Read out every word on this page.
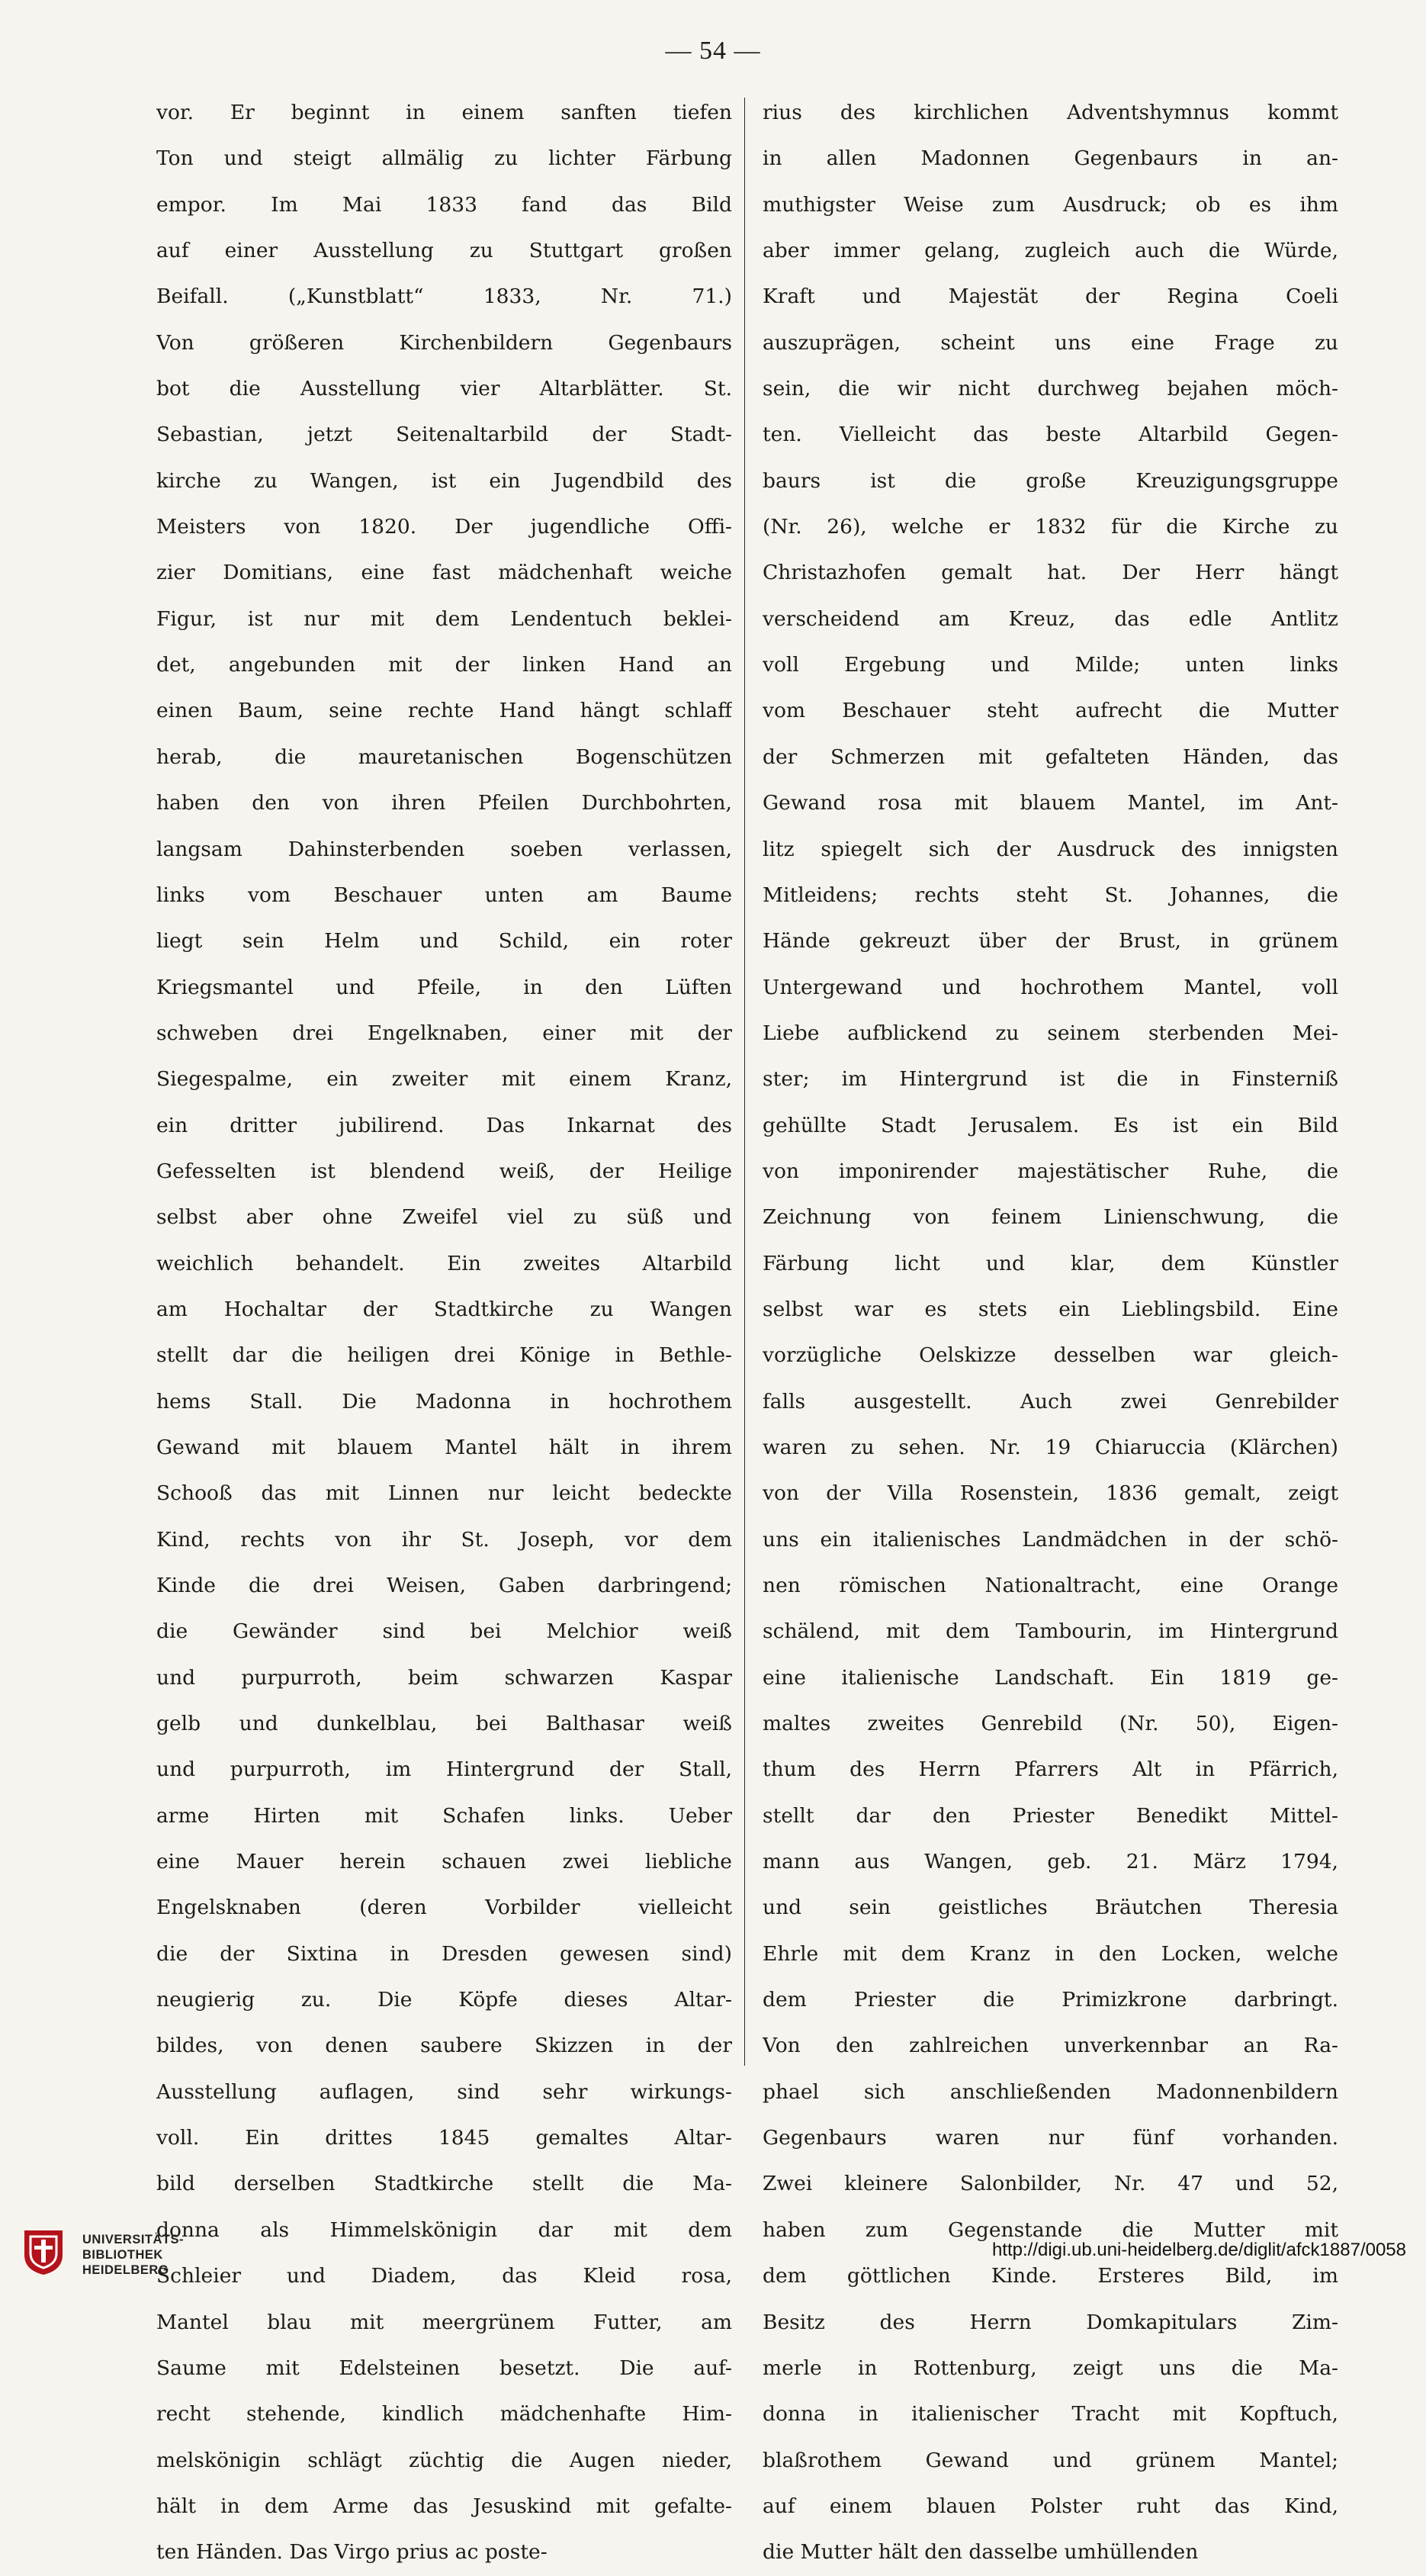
— 54 —
vor. Er beginnt in einem sanften tiefen
Ton und steigt allmälig zu lichter Färbung
empor. Im Mai 1833 fand das Bild
auf einer Ausstellung zu Stuttgart großen
Beifall. („Kunstblatt“ 1833, Nr. 71.)
Von größeren Kirchenbildern Gegenbaurs
bot die Ausstellung vier Altarblätter. St.
Sebastian, jetzt Seitenaltarbild der Stadt-
kirche zu Wangen, ist ein Jugendbild des
Meisters von 1820. Der jugendliche Offi-
zier Domitians, eine fast mädchenhaft weiche
Figur, ist nur mit dem Lendentuch beklei-
det, angebunden mit der linken Hand an
einen Baum, seine rechte Hand hängt schlaff
herab, die mauretanischen Bogenschützen
haben den von ihren Pfeilen Durchbohrten,
langsam Dahinsterbenden soeben verlassen,
links vom Beschauer unten am Baume
liegt sein Helm und Schild, ein roter
Kriegsmantel und Pfeile, in den Lüften
schweben drei Engelknaben, einer mit der
Siegespalme, ein zweiter mit einem Kranz,
ein dritter jubilirend. Das Inkarnat des
Gefesselten ist blendend weiß, der Heilige
selbst aber ohne Zweifel viel zu süß und
weichlich behandelt. Ein zweites Altarbild
am Hochaltar der Stadtkirche zu Wangen
stellt dar die heiligen drei Könige in Bethle-
hems Stall. Die Madonna in hochrothem
Gewand mit blauem Mantel hält in ihrem
Schooß das mit Linnen nur leicht bedeckte
Kind, rechts von ihr St. Joseph, vor dem
Kinde die drei Weisen, Gaben darbringend;
die Gewänder sind bei Melchior weiß
und purpurroth, beim schwarzen Kaspar
gelb und dunkelblau, bei Balthasar weiß
und purpurroth, im Hintergrund der Stall,
arme Hirten mit Schafen links. Ueber
eine Mauer herein schauen zwei liebliche
Engelsknaben (deren Vorbilder vielleicht
die der Sixtina in Dresden gewesen sind)
neugierig zu. Die Köpfe dieses Altar-
bildes, von denen saubere Skizzen in der
Ausstellung auflagen, sind sehr wirkungs-
voll. Ein drittes 1845 gemaltes Altar-
bild derselben Stadtkirche stellt die Ma-
donna als Himmelskönigin dar mit dem
Schleier und Diadem, das Kleid rosa,
Mantel blau mit meergrünem Futter, am
Saume mit Edelsteinen besetzt. Die auf-
recht stehende, kindlich mädchenhafte Him-
melskönigin schlägt züchtig die Augen nieder,
hält in dem Arme das Jesuskind mit gefalte-
ten Händen. Das Virgo prius ac poste-
rius des kirchlichen Adventshymnus kommt
in allen Madonnen Gegenbaurs in an-
muthigster Weise zum Ausdruck; ob es ihm
aber immer gelang, zugleich auch die Würde,
Kraft und Majestät der Regina Coeli
auszuprägen, scheint uns eine Frage zu
sein, die wir nicht durchweg bejahen möch-
ten. Vielleicht das beste Altarbild Gegen-
baurs ist die große Kreuzigungsgruppe
(Nr. 26), welche er 1832 für die Kirche zu
Christazhofen gemalt hat. Der Herr hängt
verscheidend am Kreuz, das edle Antlitz
voll Ergebung und Milde; unten links
vom Beschauer steht aufrecht die Mutter
der Schmerzen mit gefalteten Händen, das
Gewand rosa mit blauem Mantel, im Ant-
litz spiegelt sich der Ausdruck des innigsten
Mitleidens; rechts steht St. Johannes, die
Hände gekreuzt über der Brust, in grünem
Untergewand und hochrothem Mantel, voll
Liebe aufblickend zu seinem sterbenden Mei-
ster; im Hintergrund ist die in Finsterniß
gehüllte Stadt Jerusalem. Es ist ein Bild
von imponirender majestätischer Ruhe, die
Zeichnung von feinem Linienschwung, die
Färbung licht und klar, dem Künstler
selbst war es stets ein Lieblingsbild. Eine
vorzügliche Oelskizze desselben war gleich-
falls ausgestellt. Auch zwei Genrebilder
waren zu sehen. Nr. 19 Chiaruccia (Klärchen)
von der Villa Rosenstein, 1836 gemalt, zeigt
uns ein italienisches Landmädchen in der schö-
nen römischen Nationaltracht, eine Orange
schälend, mit dem Tambourin, im Hintergrund
eine italienische Landschaft. Ein 1819 ge-
maltes zweites Genrebild (Nr. 50), Eigen-
thum des Herrn Pfarrers Alt in Pfärrich,
stellt dar den Priester Benedikt Mittel-
mann aus Wangen, geb. 21. März 1794,
und sein geistliches Bräutchen Theresia
Ehrle mit dem Kranz in den Locken, welche
dem Priester die Primizkrone darbringt.
Von den zahlreichen unverkennbar an Ra-
phael sich anschließenden Madonnenbildern
Gegenbaurs waren nur fünf vorhanden.
Zwei kleinere Salonbilder, Nr. 47 und 52,
haben zum Gegenstande die Mutter mit
dem göttlichen Kinde. Ersteres Bild, im
Besitz des Herrn Domkapitulars Zim-
merle in Rottenburg, zeigt uns die Ma-
donna in italienischer Tracht mit Kopftuch,
blaßrothem Gewand und grünem Mantel;
auf einem blauen Polster ruht das Kind,
die Mutter hält den dasselbe umhüllenden
UNIVERSITÄTS-
BIBLIOTHEK
HEIDELBERG
http://digi.ub.uni-heidelberg.de/diglit/afck1887/0058
